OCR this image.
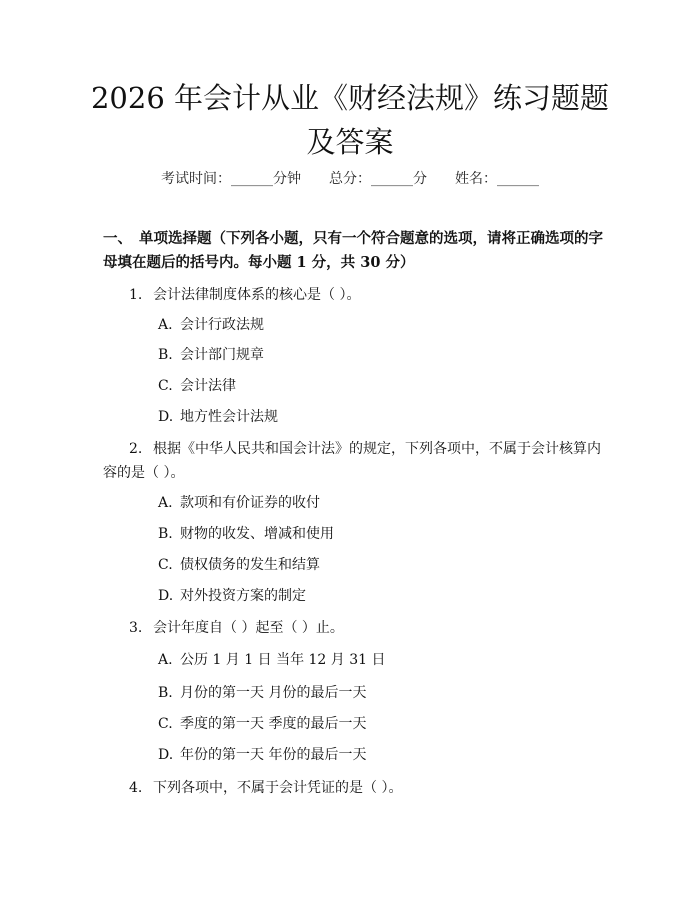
2026 年会计从业《财经法规》练习题题及答案
考试时间：______分钟　　总分：______分　　姓名：______
一、 单项选择题（下列各小题，只有一个符合题意的选项，请将正确选项的字母填在题后的括号内。每小题 1 分，共 30 分）
1. 会计法律制度体系的核心是（ ）。
A. 会计行政法规
B. 会计部门规章
C. 会计法律
D. 地方性会计法规
2. 根据《中华人民共和国会计法》的规定，下列各项中，不属于会计核算内容的是（ ）。
A. 款项和有价证券的收付
B. 财物的收发、增减和使用
C. 债权债务的发生和结算
D. 对外投资方案的制定
3. 会计年度自（ ）起至（ ）止。
A. 公历 1 月 1 日 当年 12 月 31 日
B. 月份的第一天 月份的最后一天
C. 季度的第一天 季度的最后一天
D. 年份的第一天 年份的最后一天
4. 下列各项中，不属于会计凭证的是（ ）。
